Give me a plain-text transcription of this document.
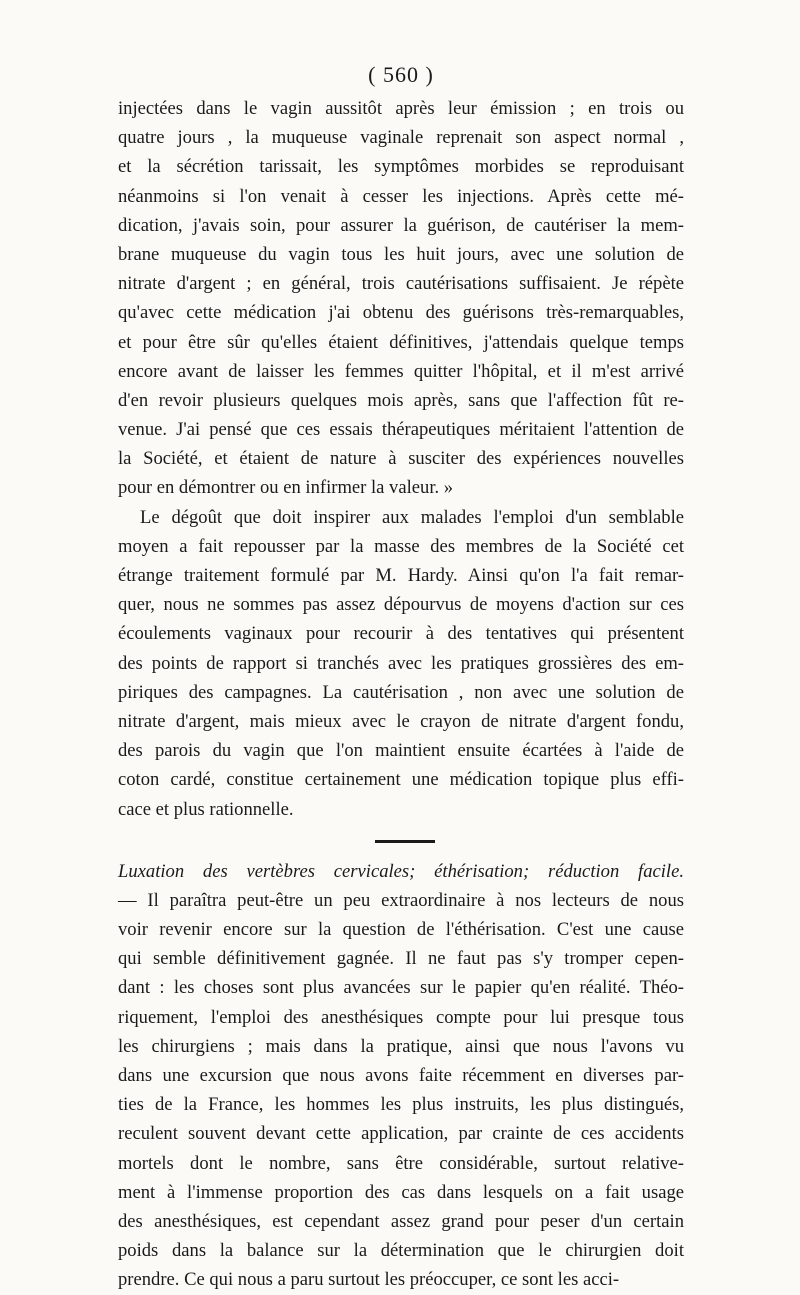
( 560 )
injectées dans le vagin aussitôt après leur émission ; en trois ou
quatre jours , la muqueuse vaginale reprenait son aspect normal ,
et la sécrétion tarissait, les symptômes morbides se reproduisant
néanmoins si l'on venait à cesser les injections. Après cette mé-
dication, j'avais soin, pour assurer la guérison, de cautériser la mem-
brane muqueuse du vagin tous les huit jours, avec une solution de
nitrate d'argent ; en général, trois cautérisations suffisaient. Je répète
qu'avec cette médication j'ai obtenu des guérisons très-remarquables,
et pour être sûr qu'elles étaient définitives, j'attendais quelque temps
encore avant de laisser les femmes quitter l'hôpital, et il m'est arrivé
d'en revoir plusieurs quelques mois après, sans que l'affection fût re-
venue. J'ai pensé que ces essais thérapeutiques méritaient l'attention de
la Société, et étaient de nature à susciter des expériences nouvelles
pour en démontrer ou en infirmer la valeur. »
Le dégoût que doit inspirer aux malades l'emploi d'un semblable
moyen a fait repousser par la masse des membres de la Société cet
étrange traitement formulé par M. Hardy. Ainsi qu'on l'a fait remar-
quer, nous ne sommes pas assez dépourvus de moyens d'action sur ces
écoulements vaginaux pour recourir à des tentatives qui présentent
des points de rapport si tranchés avec les pratiques grossières des em-
piriques des campagnes. La cautérisation , non avec une solution de
nitrate d'argent, mais mieux avec le crayon de nitrate d'argent fondu,
des parois du vagin que l'on maintient ensuite écartées à l'aide de
coton cardé, constitue certainement une médication topique plus effi-
cace et plus rationnelle.
Luxation des vertèbres cervicales; éthérisation; réduction facile.
— Il paraîtra peut-être un peu extraordinaire à nos lecteurs de nous
voir revenir encore sur la question de l'éthérisation. C'est une cause
qui semble définitivement gagnée. Il ne faut pas s'y tromper cepen-
dant : les choses sont plus avancées sur le papier qu'en réalité. Théo-
riquement, l'emploi des anesthésiques compte pour lui presque tous
les chirurgiens ; mais dans la pratique, ainsi que nous l'avons vu
dans une excursion que nous avons faite récemment en diverses par-
ties de la France, les hommes les plus instruits, les plus distingués,
reculent souvent devant cette application, par crainte de ces accidents
mortels dont le nombre, sans être considérable, surtout relative-
ment à l'immense proportion des cas dans lesquels on a fait usage
des anesthésiques, est cependant assez grand pour peser d'un certain
poids dans la balance sur la détermination que le chirurgien doit
prendre. Ce qui nous a paru surtout les préoccuper, ce sont les acci-
